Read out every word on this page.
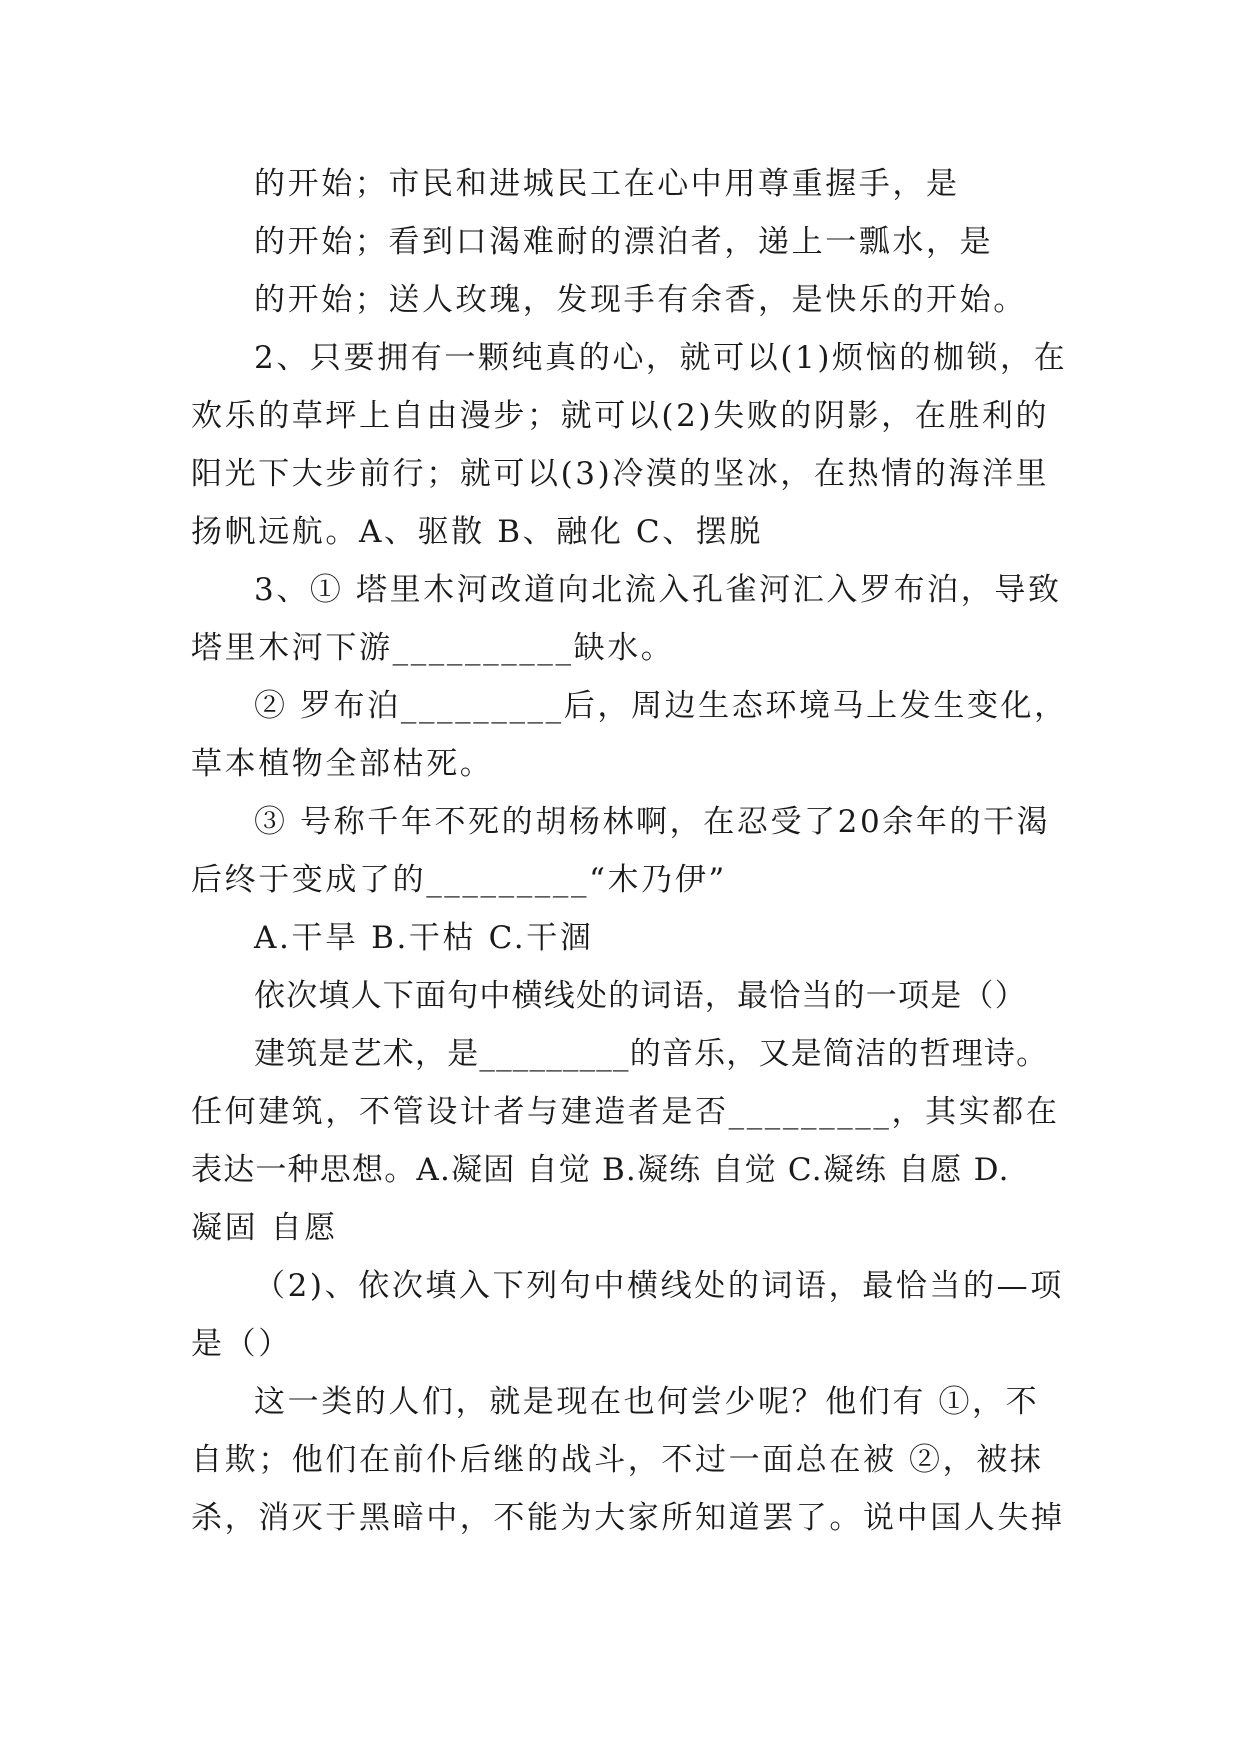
的开始；市民和进城民工在心中用尊重握手，是
的开始；看到口渴难耐的漂泊者，递上一瓢水，是
的开始；送人玫瑰，发现手有余香，是快乐的开始。
2、只要拥有一颗纯真的心，就可以(1)烦恼的枷锁，在
欢乐的草坪上自由漫步；就可以(2)失败的阴影，在胜利的
阳光下大步前行；就可以(3)冷漠的坚冰，在热情的海洋里
扬帆远航。A、驱散 B、融化 C、摆脱
3、① 塔里木河改道向北流入孔雀河汇入罗布泊，导致
塔里木河下游__________缺水。
② 罗布泊_________后，周边生态环境马上发生变化，
草本植物全部枯死。
③ 号称千年不死的胡杨林啊，在忍受了20余年的干渴
后终于变成了的_________“木乃伊”
A.干旱 B.干枯 C.干涸
依次填人下面句中横线处的词语，最恰当的一项是（）
建筑是艺术，是_________的音乐，又是简洁的哲理诗。
任何建筑，不管设计者与建造者是否_________，其实都在
表达一种思想。A.凝固 自觉 B.凝练 自觉 C.凝练 自愿 D.
凝固 自愿
（2)、依次填入下列句中横线处的词语，最恰当的—项
是（）
这一类的人们，就是现在也何尝少呢？他们有 ①，不
自欺；他们在前仆后继的战斗，不过一面总在被 ②，被抹
杀，消灭于黑暗中，不能为大家所知道罢了。说中国人失掉
